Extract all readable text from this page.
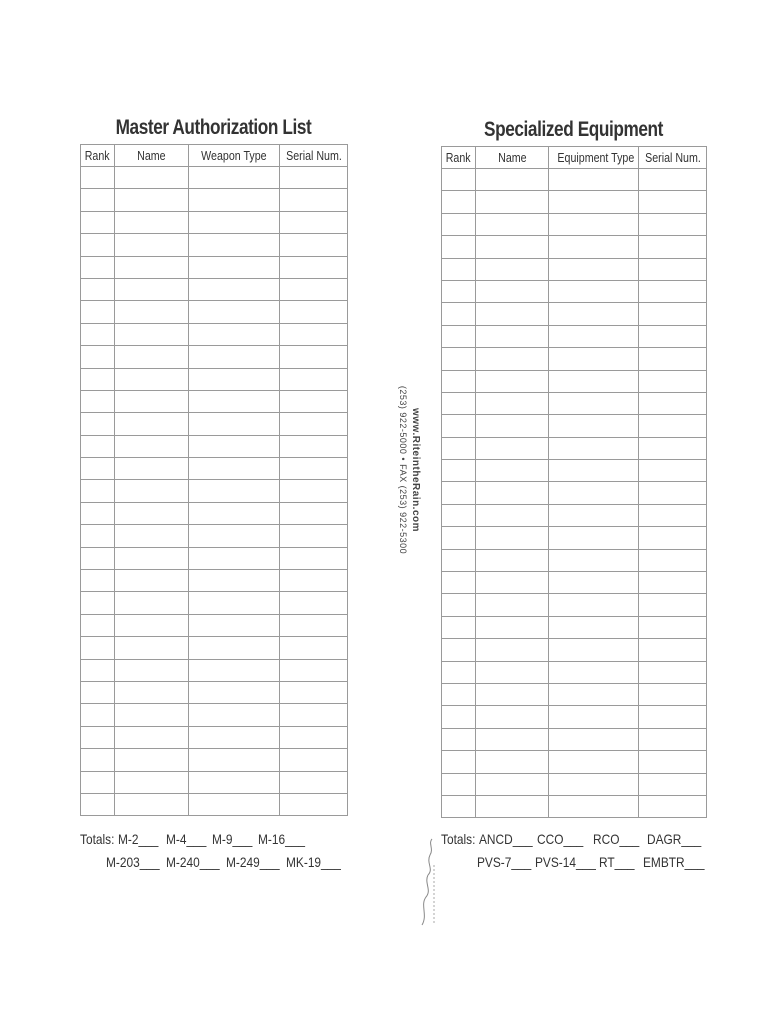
Master Authorization List
Rank	Name	Weapon Type	Serial Num.

Totals: M-2___ M-4___ M-9___ M-16___
M-203___ M-240___ M-249___ MK-19___
Specialized Equipment
Rank	Name	Equipment Type	Serial Num.

Totals: ANCD___ CCO___ RCO___ DAGR___
PVS-7___ PVS-14___ RT___ EMBTR___
www.RiteintheRain.com
(253) 922-5000 • FAX (253) 922-5300
